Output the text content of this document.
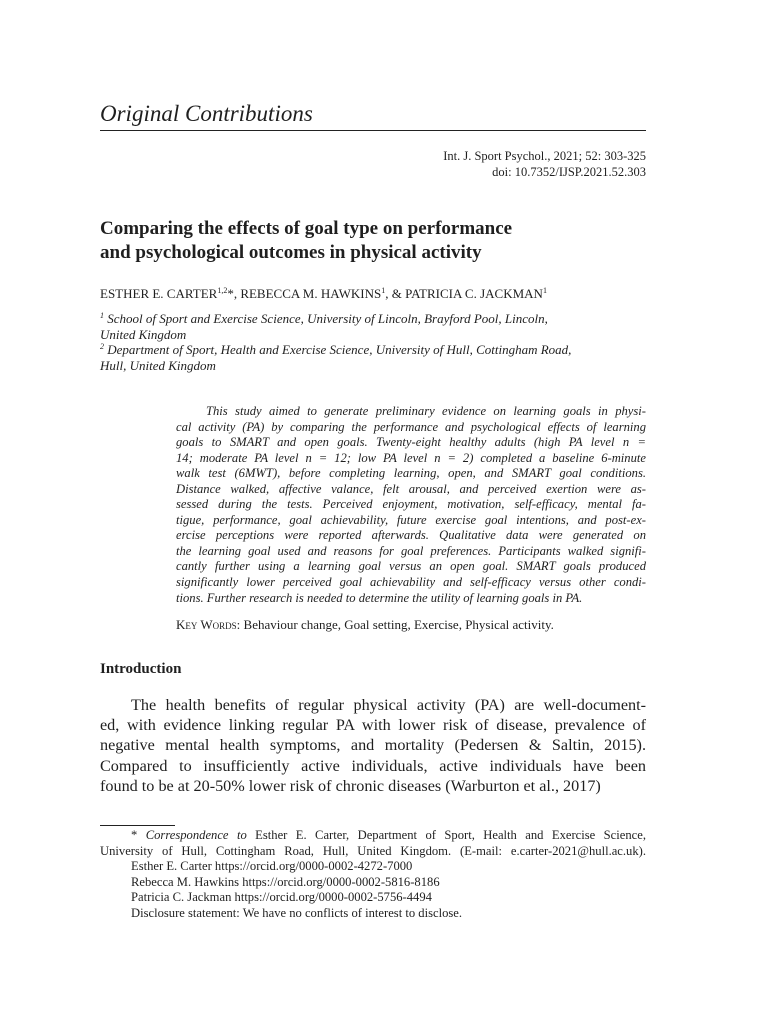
Original Contributions
Int. J. Sport Psychol., 2021; 52: 303-325
doi: 10.7352/IJSP.2021.52.303
Comparing the effects of goal type on performance
and psychological outcomes in physical activity
ESTHER E. CARTER$^{1,2}$*, REBECCA M. HAWKINS$^1$, & PATRICIA C. JACKMAN$^1$
$^1$ School of Sport and Exercise Science, University of Lincoln, Brayford Pool, Lincoln,
United Kingdom
$^2$ Department of Sport, Health and Exercise Science, University of Hull, Cottingham Road,
Hull, United Kingdom
This study aimed to generate preliminary evidence on learning goals in physi-
cal activity (PA) by comparing the performance and psychological effects of learning
goals to SMART and open goals. Twenty-eight healthy adults (high PA level n =
14; moderate PA level n = 12; low PA level n = 2) completed a baseline 6-minute
walk test (6MWT), before completing learning, open, and SMART goal conditions.
Distance walked, affective valance, felt arousal, and perceived exertion were as-
sessed during the tests. Perceived enjoyment, motivation, self-efficacy, mental fa-
tigue, performance, goal achievability, future exercise goal intentions, and post-ex-
ercise perceptions were reported afterwards. Qualitative data were generated on
the learning goal used and reasons for goal preferences. Participants walked signifi-
cantly further using a learning goal versus an open goal. SMART goals produced
significantly lower perceived goal achievability and self-efficacy versus other condi-
tions. Further research is needed to determine the utility of learning goals in PA.
Key Words: Behaviour change, Goal setting, Exercise, Physical activity.
Introduction
The health benefits of regular physical activity (PA) are well-document-
ed, with evidence linking regular PA with lower risk of disease, prevalence of
negative mental health symptoms, and mortality (Pedersen & Saltin, 2015).
Compared to insufficiently active individuals, active individuals have been
found to be at 20-50% lower risk of chronic diseases (Warburton et al., 2017)
* Correspondence to Esther E. Carter, Department of Sport, Health and Exercise Science,
University of Hull, Cottingham Road, Hull, United Kingdom. (E-mail: e.carter-2021@hull.ac.uk).
Esther E. Carter https://orcid.org/0000-0002-4272-7000
Rebecca M. Hawkins https://orcid.org/0000-0002-5816-8186
Patricia C. Jackman https://orcid.org/0000-0002-5756-4494
Disclosure statement: We have no conflicts of interest to disclose.
